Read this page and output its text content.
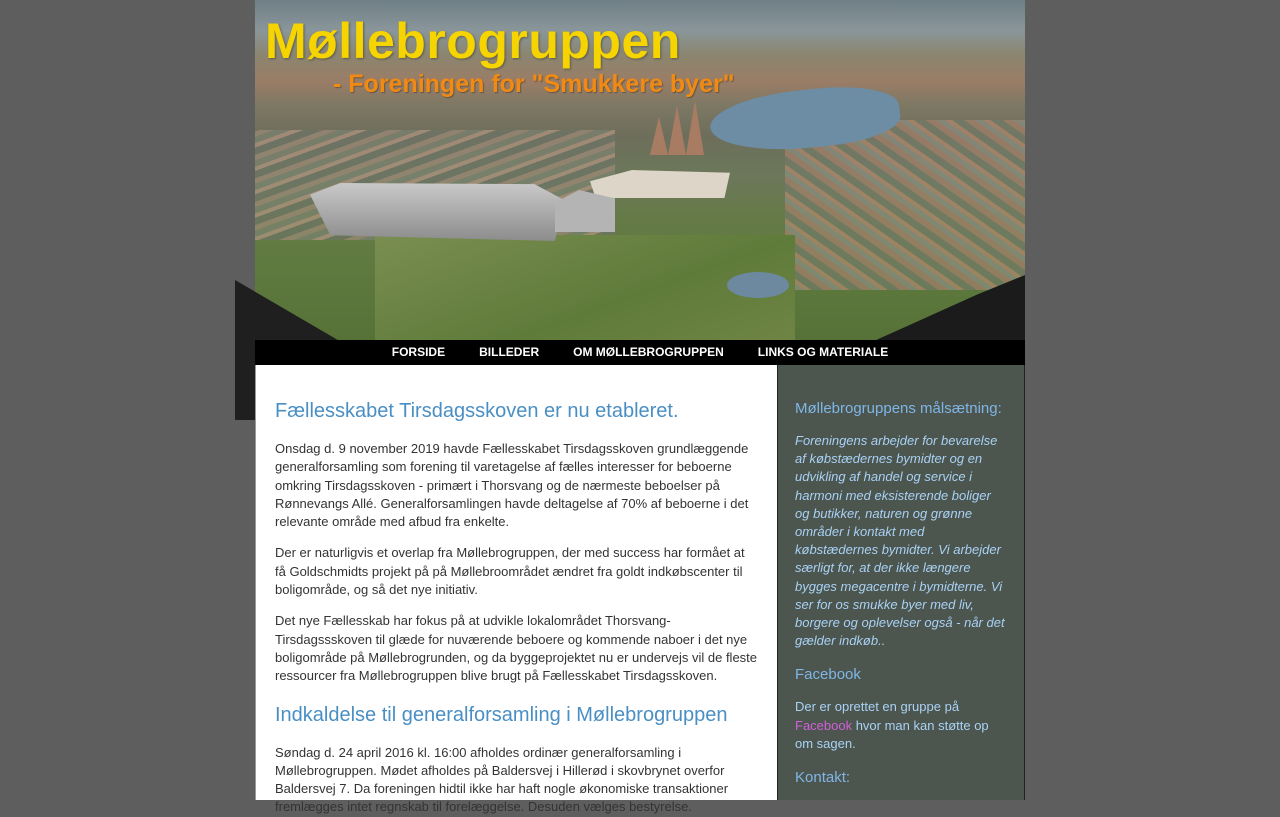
Møllebrogruppen
- Foreningen for "Smukkere byer"
FORSIDE	BILLEDER	OM MØLLEBROGRUPPEN	LINKS OG MATERIALE
Fællesskabet Tirsdagsskoven er nu etableret.

Onsdag d. 9 november 2019 havde Fællesskabet Tirsdagsskoven grundlæggende generalforsamling som forening til varetagelse af fælles interesser for beboerne omkring Tirsdagsskoven - primært i Thorsvang og de nærmeste beboelser på Rønnevangs Allé. Generalforsamlingen havde deltagelse af 70% af beboerne i det relevante område med afbud fra enkelte.

Der er naturligvis et overlap fra Møllebrogruppen, der med success har formået at få Goldschmidts projekt på på Møllebroområdet ændret fra goldt indkøbscenter til boligområde, og så det nye initiativ.

Det nye Fællesskab har fokus på at udvikle lokalområdet Thorsvang-Tirsdagssskoven til glæde for nuværende beboere og kommende naboer i det nye boligområde på Møllebrogrunden, og da byggeprojektet nu er undervejs vil de fleste ressourcer fra Møllebrogruppen blive brugt på Fællesskabet Tirsdagsskoven.

Indkaldelse til generalforsamling i Møllebrogruppen

Søndag d. 24 april 2016 kl. 16:00 afholdes ordinær generalforsamling i Møllebrogruppen. Mødet afholdes på Baldersvej i Hillerød i skovbrynet overfor Baldersvej 7. Da foreningen hidtil ikke har haft nogle økonomiske transaktioner fremlægges intet regnskab til forelæggelse. Desuden vælges bestyrelse.

Møllebrogruppens målsætning:

Foreningens arbejder for bevarelse af købstædernes bymidter og en udvikling af handel og service i harmoni med eksisterende boliger og butikker, naturen og grønne områder i kontakt med købstædernes bymidter. Vi arbejder særligt for, at der ikke længere bygges megacentre i bymidterne. Vi ser for os smukke byer med liv, borgere og oplevelser også - når det gælder indkøb..

Facebook

Der er oprettet en gruppe på Facebook hvor man kan støtte op om sagen.

Kontakt:
